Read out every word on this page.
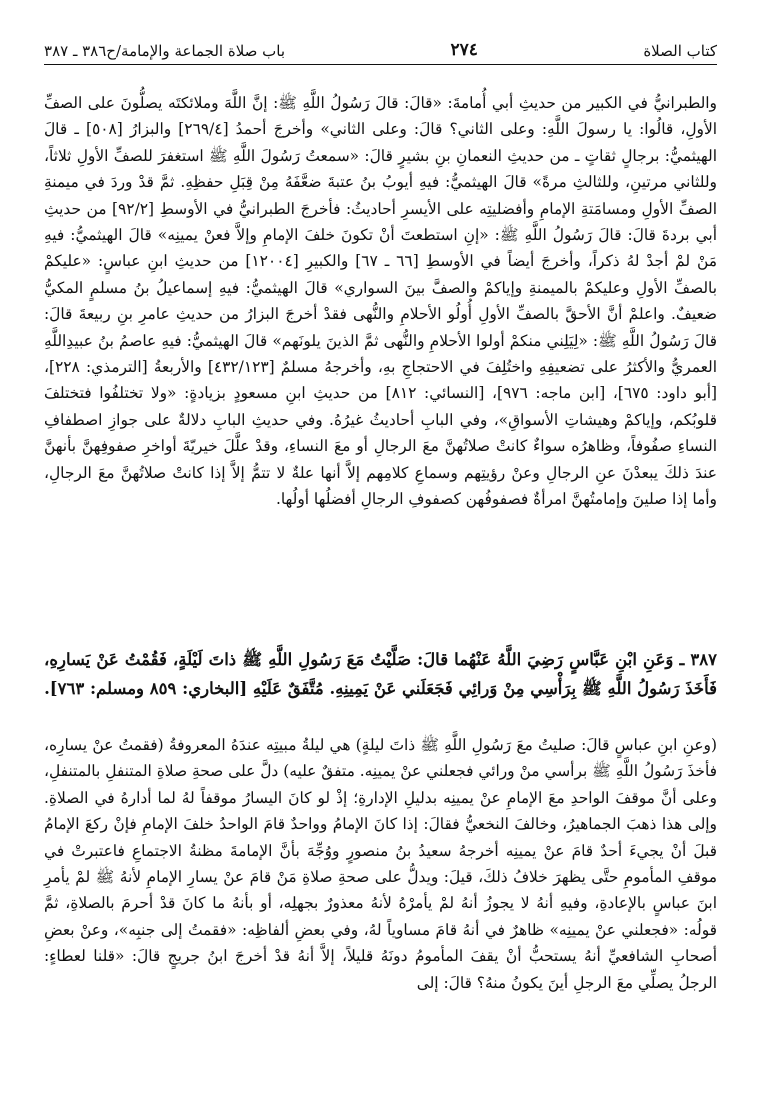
كتاب الصلاة
٢٧٤
باب صلاة الجماعة والإمامة/ح٣٨٦ ـ ٣٨٧
والطبرانيُّ في الكبير من حديثِ أبي أُمامةَ: «قالَ: قالَ رَسُولُ اللَّهِ ﷺ: إنَّ اللَّهَ وملائكتَه يصلُّونَ على الصفِّ الأولِ، قالُوا: يا رسولَ اللَّهِ: وعلى الثاني؟ قالَ: وعلى الثاني» وأخرجَ أحمدُ [٢٦٩/٤] والبزارُ [٥٠٨] ـ قالَ الهيثميُّ: برجالٍ ثقاتٍ ـ من حديثِ النعمانِ بنِ بشيرٍ قالَ: «سمعتُ رَسُولَ اللَّهِ ﷺ استغفرَ للصفِّ الأولِ ثلاثاً، وللثاني مرتينِ، وللثالثِ مرةً» قالَ الهيثميُّ: فيهِ أيوبُ بنُ عتبةَ ضعَّفَهُ مِنْ قِبَلِ حفظِهِ. ثمَّ قدْ وردَ في ميمنةِ الصفِّ الأولِ ومسامَتةِ الإمامِ وأفضليتِه على الأيسرِ أحاديثُ: فأخرجَ الطبرانيُّ في الأوسطِ [٩٢/٢] من حديثِ أبي بردةَ قالَ: قالَ رَسُولُ اللَّهِ ﷺ: «إنِ استطعتَ أنْ تكونَ خلفَ الإمامِ وإلاَّ فعنْ يمينِه» قالَ الهيثميُّ: فيهِ مَنْ لمْ أجدْ لهُ ذكراً، وأخرجَ أيضاً في الأوسطِ [٦٦ ـ ٦٧] والكبيرِ [١٢٠٠٤] من حديثِ ابنِ عباسٍ: «عليكمْ بالصفِّ الأولِ وعليكمْ بالميمنةِ وإياكمْ والصفَّ بينَ السواري» قالَ الهيثميُّ: فيهِ إسماعيلُ بنُ مسلمٍ المكيُّ ضعيفٌ. واعلمْ أنَّ الأحقَّ بالصفِّ الأولِ أُولُو الأحلامِ والنُّهى فقدْ أخرجَ البزارُ من حديثِ عامرِ بنِ ربيعةَ قالَ: قالَ رَسُولُ اللَّهِ ﷺ: «لِيَلِني منكمْ أولوا الأحلامِ والنُّهى ثمَّ الذينَ يلونَهم» قالَ الهيثميُّ: فيهِ عاصمُ بنُ عبيدِاللَّهِ العمريُّ والأكثرُ على تضعيفِهِ واختُلِفَ في الاحتجاجِ بهِ، وأخرجهُ مسلمٌ [٤٣٢/١٢٣] والأربعةُ [الترمذي: ٢٢٨]، [أبو داود: ٦٧٥]، [ابن ماجه: ٩٧٦]، [النسائي: ٨١٢] من حديثِ ابنِ مسعودٍ بزيادةٍ: «ولا تختلفُوا فتختلفَ قلوبُكم، وإياكمْ وهيشاتِ الأسواقِ»، وفي البابِ أحاديثُ غيرُهُ. وفي حديثِ البابِ دلالةٌ على جوازِ اصطفافِ النساءِ صفُوفاً، وظاهرُه سواءٌ كانتْ صلاتُهنَّ معَ الرجالِ أو معَ النساءِ، وقدْ علَّلَ خيريّةَ أواخرِ صفوفِهنَّ بأنهنَّ عندَ ذلكَ يبعدْنَ عنِ الرجالِ وعنْ رؤيتِهم وسماعِ كلامِهم إلاَّ أنها علةٌ لا تتمُّ إلاَّ إذا كانتْ صلاتُهنَّ معَ الرجالِ، وأما إذا صلينَ وإمامتُهنَّ امرأةٌ فصفوفُهن كصفوفِ الرجالِ أفضلُها أولُها.
٣٨٧ ـ وَعَنِ ابْنِ عَبَّاسٍ رَضِيَ اللَّهُ عَنْهُما قالَ: صَلَّيْتُ مَعَ رَسُولِ اللَّهِ ﷺ ذاتَ لَيْلَةٍ، فَقُمْتُ عَنْ يَسارِهِ، فَأَخَذَ رَسُولُ اللَّهِ ﷺ بِرَأْسِي مِنْ وَرائِي فَجَعَلَني عَنْ يَمِينِهِ. مُتَّفَقٌ عَلَيْهِ [البخاري: ٨٥٩ ومسلم: ٧٦٣].
(وعنِ ابنِ عباسٍ قالَ: صليتُ معَ رَسُولِ اللَّهِ ﷺ ذاتَ ليلةٍ) هي ليلةُ مبيتِه عندَهُ المعروفةُ (فقمتُ عنْ يسارِه، فأخذَ رَسُولُ اللَّهِ ﷺ برأسي منْ ورائي فجعلني عنْ يمينِه. متفقٌ عليه) دلَّ على صحةِ صلاةِ المتنفلِ بالمتنفلِ، وعلى أنَّ موقفَ الواحدِ معَ الإمامِ عنْ يمينِه بدليلِ الإدارةِ؛ إذْ لو كانَ اليسارُ موقفاً لهُ لما أدارهُ في الصلاةِ. وإلى هذا ذهبَ الجماهيرُ، وخالفَ النخعيُّ فقالَ: إذا كانَ الإمامُ وواحدٌ قامَ الواحدُ خلفَ الإمامِ فإنْ ركعَ الإمامُ قبلَ أنْ يجيءَ أحدٌ قامَ عنْ يمينِه أخرجهُ سعيدُ بنُ منصورٍ ووُجِّهَ بأنَّ الإمامةَ مظنةُ الاجتماعِ فاعتبرتْ في موقفِ المأمومِ حتَّى يظهرَ خلافُ ذلكَ، قيلَ: ويدلُّ على صحةِ صلاةِ مَنْ قامَ عنْ يسارِ الإمامِ لأنهُ ﷺ لمْ يأمرِ ابنَ عباسٍ بالإعادةِ، وفيهِ أنهُ لا يجوزُ أنهُ لمْ يأمرْهُ لأنهُ معذورٌ بجهلِه، أو بأنهُ ما كانَ قدْ أحرمَ بالصلاةِ، ثمَّ قولُه: «فجعلني عنْ يمينِه» ظاهرٌ في أنهُ قامَ مساوياً لهُ، وفي بعضِ ألفاظِه: «فقمتُ إلى جنبِه»، وعنْ بعضِ أصحابِ الشافعيِّ أنهُ يستحبُّ أنْ يقفَ المأمومُ دونَهُ قليلاً، إلاَّ أنهُ قدْ أخرجَ ابنُ جريجٍ قالَ: «قلنا لعطاءٍ: الرجلُ يصلِّي معَ الرجلِ أينَ يكونُ منهُ؟ قالَ: إلى
